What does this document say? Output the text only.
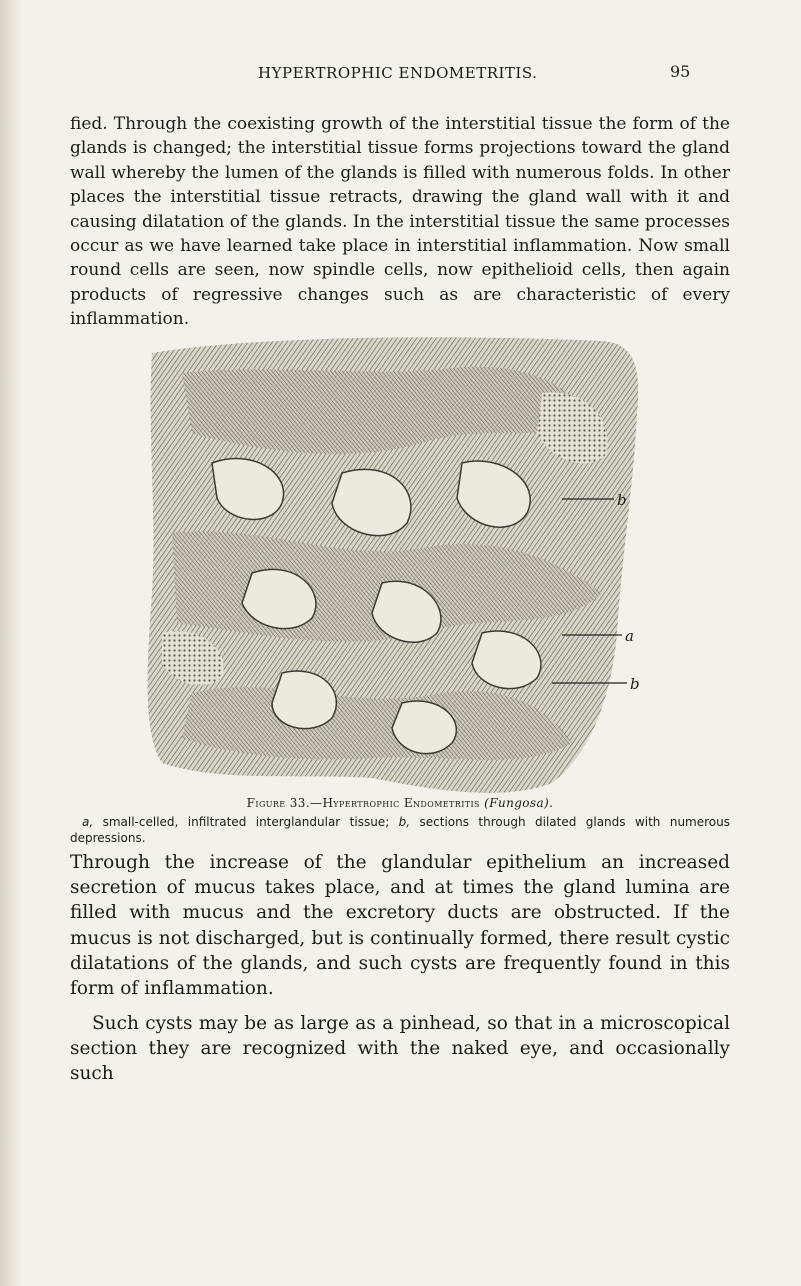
HYPERTROPHIC ENDOMETRITIS.	95

fied. Through the coexisting growth of the interstitial tissue the form of the glands is changed; the interstitial tissue forms projections toward the gland wall whereby the lumen of the glands is filled with numerous folds. In other places the interstitial tissue retracts, drawing the gland wall with it and causing dilatation of the glands. In the interstitial tissue the same processes occur as we have learned take place in interstitial inflammation. Now small round cells are seen, now spindle cells, now epithelioid cells, then again products of regressive changes such as are characteristic of every inflammation.

b
a
b
Figure 33.—Hypertrophic Endometritis (Fungosa).

a, small-celled, infiltrated interglandular tissue; b, sections through dilated glands with numerous depressions.

Through the increase of the glandular epithelium an increased secretion of mucus takes place, and at times the gland lumina are filled with mucus and the excretory ducts are obstructed. If the mucus is not discharged, but is continually formed, there result cystic dilatations of the glands, and such cysts are frequently found in this form of inflammation.

Such cysts may be as large as a pinhead, so that in a microscopical section they are recognized with the naked eye, and occasionally such
